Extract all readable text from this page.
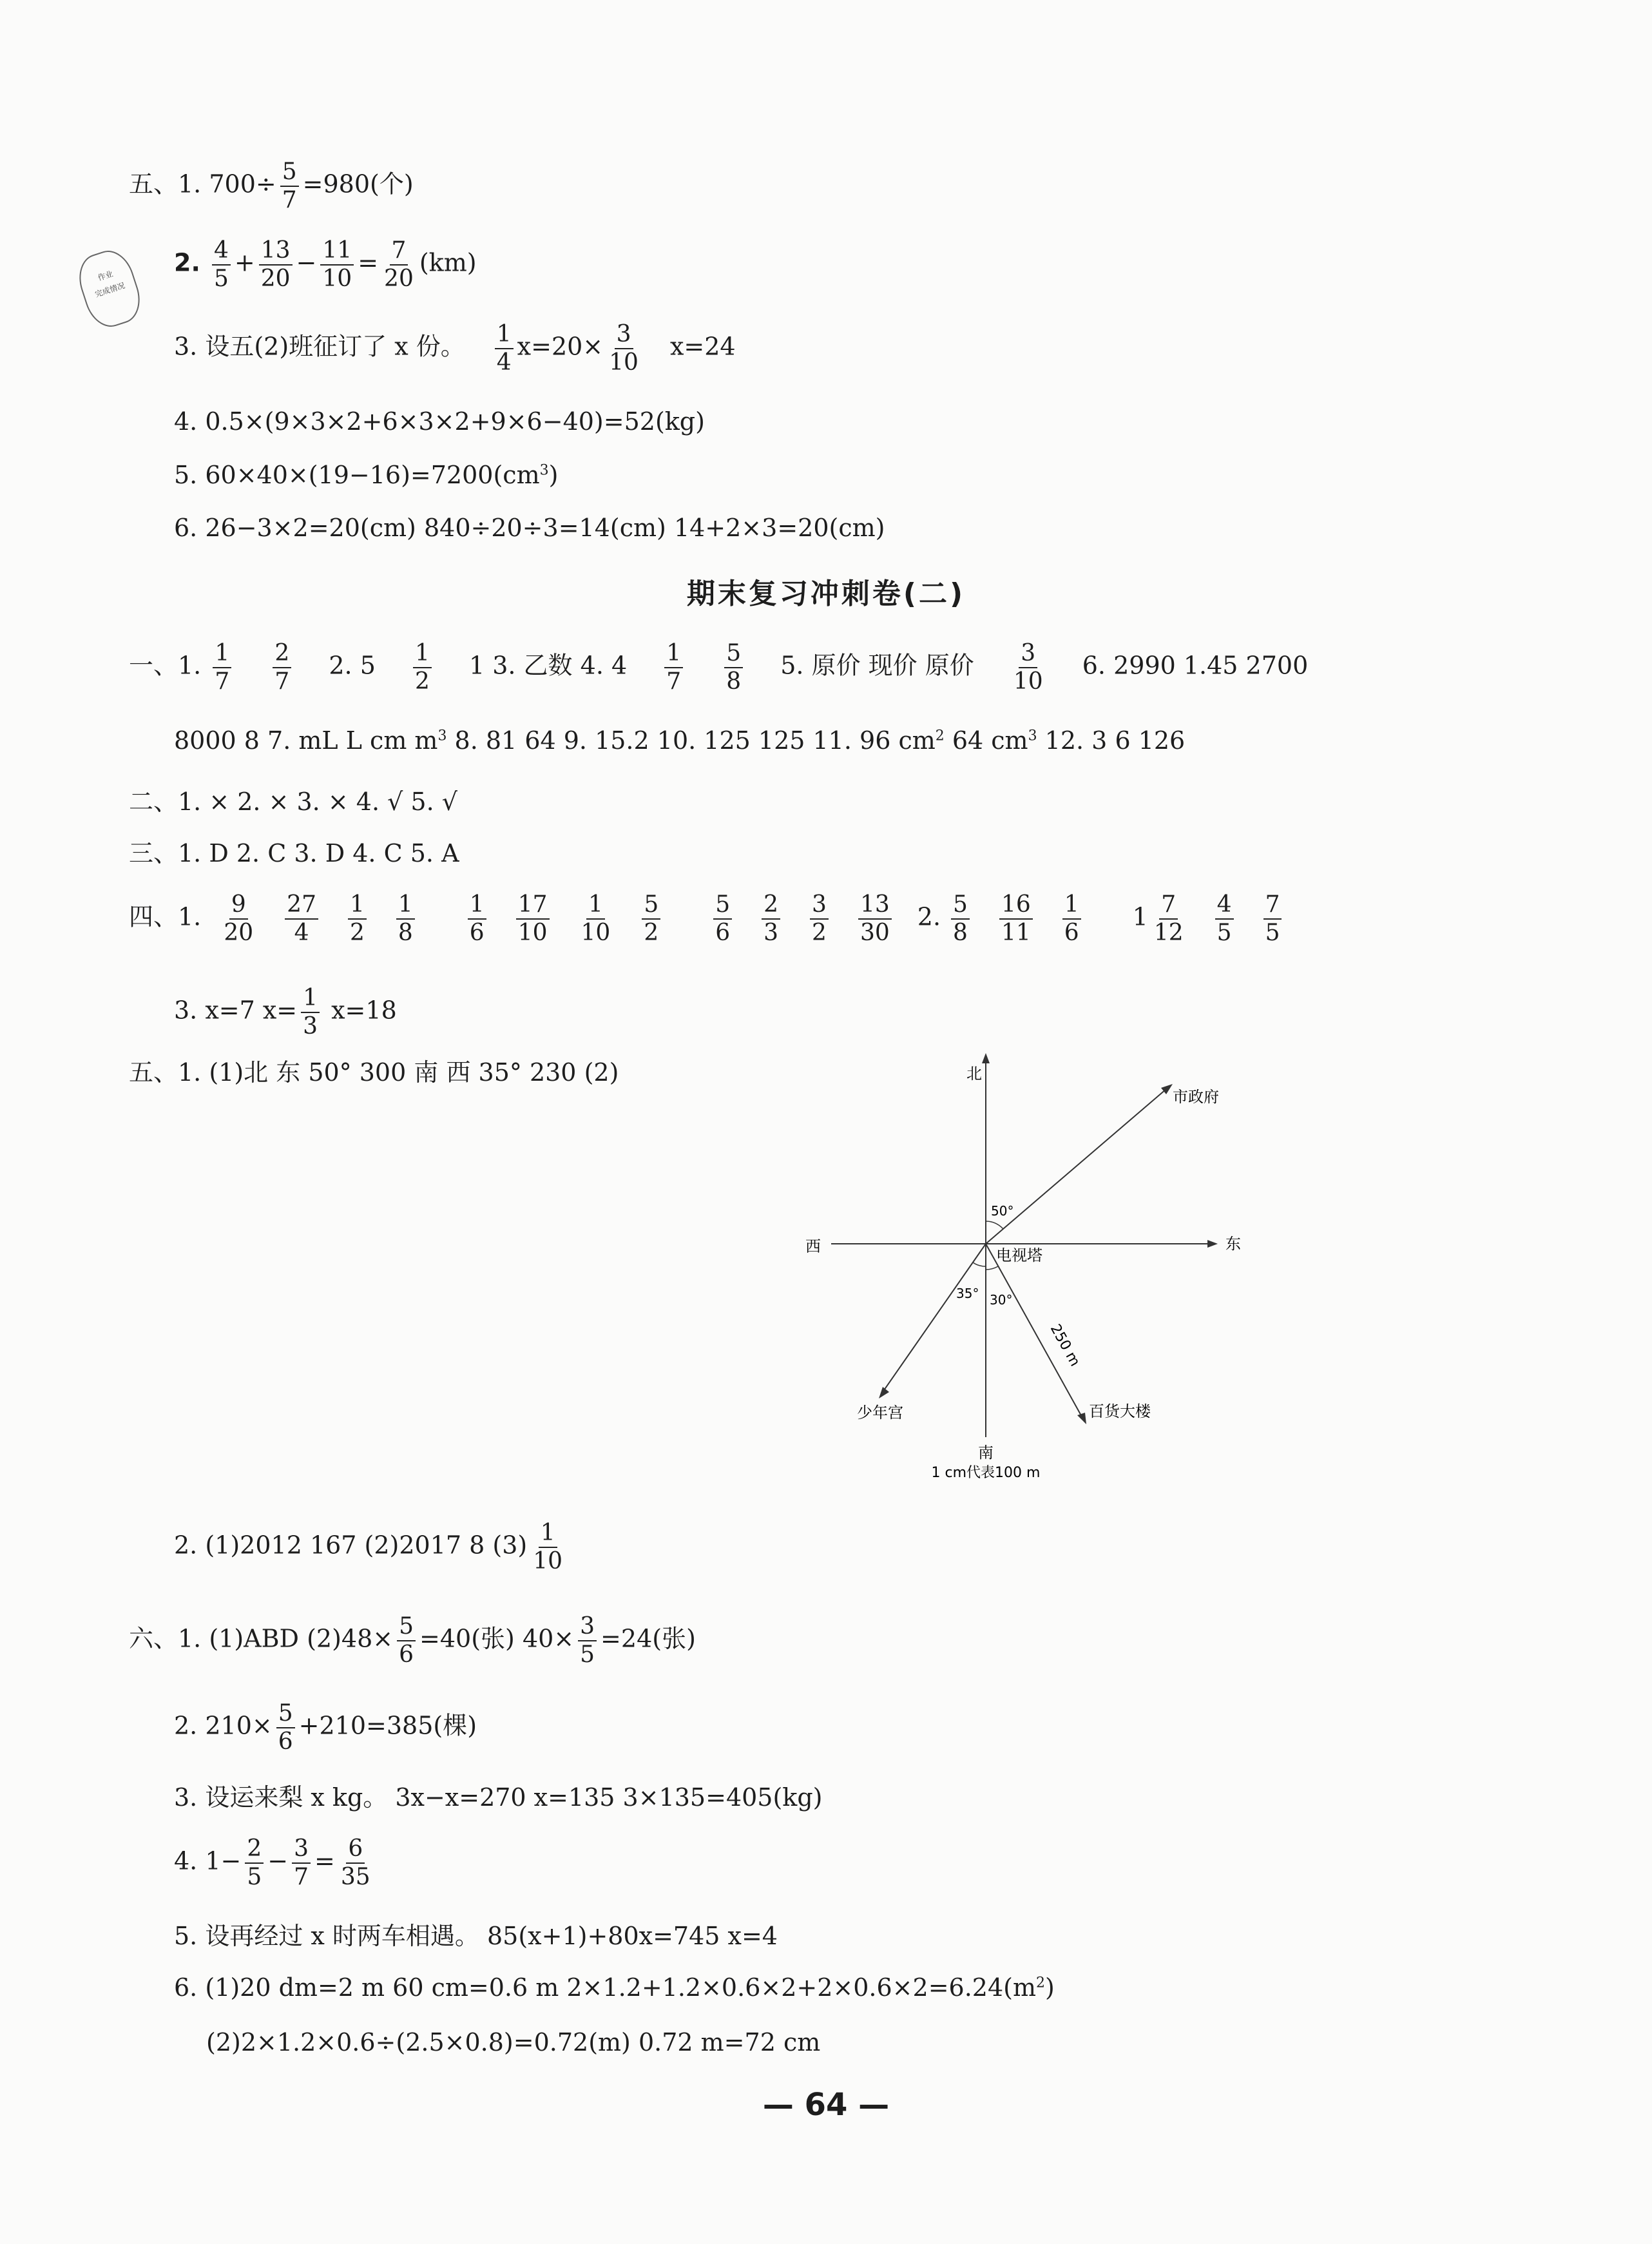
作业
完成情况
五、1. $700\div \frac{5}{7} =980$(个)
2. $\frac{4}{5} + \frac{13}{20} - \frac{11}{10} = \frac{7}{20} (km)$
3. 设五(2)班征订了 x 份。 $\frac{1}{4} x=20\times \frac{3}{10} x=24$
4. 0.5×(9×3×2+6×3×2+9×6−40)=52(kg)
5. $60\times 40\times(19-16)=7200(cm^3)$
6. 26−3×2=20(cm) 840÷20÷3=14(cm) 14+2×3=20(cm)
期末复习冲刺卷(二)
一、1. $\frac{1}{7}$
$\frac{2}{7} 2$. $5 \frac{1}{2} 1$ 3. 乙数 4. $4 \frac{1}{7}$
$\frac{5}{8} 5$. 原价 现价 原价 $\frac{3}{10} 6$. 2990 1.45 2700
8000 8 7. mL L cm $m^3$ 8. 81 64 9. 15.2 10. 125 125 11. 96 $cm^2$ 64 $cm^3$ 12. 3 6 126
二、1. × 2. × 3. × 4. √ 5. √
三、1. D 2. C 3. D 4. C 5. A
四、1. $\frac{9}{20} \frac{27}{4} \frac{1}{2} \frac{1}{8} \frac{1}{6} \frac{17}{10} \frac{1}{10} \frac{5}{2} \frac{5}{6} \frac{2}{3} \frac{3}{2} \frac{13}{30} 2$. $\frac{5}{8} \frac{16}{11} \frac{1}{6} 1 \frac{7}{12} \frac{4}{5} \frac{7}{5}$
3. x=7 $x= \frac{1}{3} x=18$
五、1. (1)北 东 50° 300 南 西 35° 230 (2)	北
南
东
西	电视塔
市政府
少年宫	百货大楼
50°
35° 30°
250 m
1 cm代表100 m
2. (1)2012 167 (2)2017 8 $(3) \frac{1}{10}$
六、1. (1)ABD $(2)48\times \frac{5}{6} =40$(张) $40\times \frac{3}{5} =24$(张)
2. $210\times \frac{5}{6} +210=385$(棵)
3. 设运来梨 x kg。 3x−x=270 x=135 3×135=405(kg)
4. $1- \frac{2}{5} - \frac{3}{7} = \frac{6}{35}$
5. 设再经过 x 时两车相遇。 85(x+1)+80x=745 x=4
6. (1)20 dm=2 m 60 cm=0.6 m $2\times 1.2+1.2\times 0.6\times 2+2\times 0.6\times 2=6.24(m^2)$
(2)2×1.2×0.6÷(2.5×0.8)=0.72(m) 0.72 m=72 cm
— 64 —
